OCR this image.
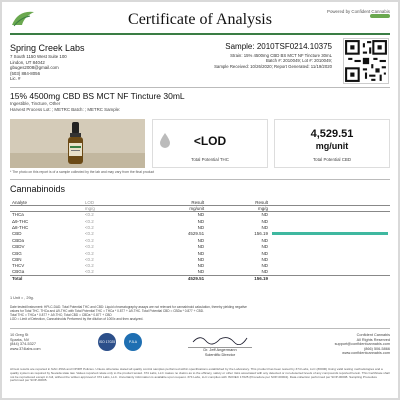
Certificate of Analysis	Powered by Confident Cannabis
Spring Creek Labs
7 South 1150 West Suite 100
Lindon, UT 84042
gbuges2008@gmail.com
(503) 884-8056
Lic. #
Sample: 2010TSF0214.10375
Strain: 15% 4500mg CBD BS MCT NF Tincture 30mL
Batch #: 2010049; Lot #: 2010049;
Sample Received: 10/26/2020; Report Generated: 11/19/2020
15% 4500mg CBD BS MCT NF Tincture 30mL
Ingestible, Tincture, Other
Harvest Process Lot: ; METRC Batch: ; METRC Sample:
* The photo on this report is of a sample collected by the lab and may vary from the final product
<LOD
Total Potential THC
4,529.51
mg/unit
Total Potential CBD
Cannabinoids
Analyte	LOD	Result	Result	
	mg/g	mg/unit	mg/g	
THCa	<0.2	ND	ND	
Δ9-THC	<0.2	ND	ND	
Δ8-THC	<0.2	ND	ND	
CBD	<0.2	4529.51	156.19	

CBDa	<0.2	ND	ND	
CBDV	<0.2	ND	ND	
CBG	<0.2	ND	ND	
CBN	<0.2	ND	ND	
THCV	<0.2	ND	ND	
CBGa	<0.2	ND	ND	
Total		4529.51	156.19	
1 Unit = , 29g.
Date tested/Instrument: HPLC-DAD. Total Potential THC and CBD: Liquid chromatography assays are not relevant for cannabinoid calculation, thereby yielding negative
values for Total THC. THCa and Δ9-THC with Total Potential THC = THCa * 0.877 + Δ9-THC. Total Potential CBD = CBDa * 0.877 + CBD.
Total THC = THCa * 0.877 + Δ9-THC; Total CBD = CBDa * 0.877 + CBD
LOD = Limit of Detection, Cannabinoids Performed by the dilution of 1000x and then analyzed.
10 Greg St
Sparks, NV
(844) 374-5327
www.374labs.com
ISO 17025	PJLA
Dr. Jeff Angermann
Scientific Director
Confident Cannabis
All Rights Reserved
support@confidentcannabis.com
(866) 506-5866
www.confidentcannabis.com
All test results are reported in NAC 453A and OPIRH Policies. Unless otherwise stated all quality control samples performed within specifications established by the Laboratory. This product has been tested by 374 Labs, LLC (#0000) Using valid testing methodologies and a quality system as required by Nevada state law. Values reported relate only to the product tested. 374 Labs, LLC makes no claims as to the efficacy, safety or other risks associated with any detected or non-detected levels of any compounds reported herein. This Certificate shall not be reproduced except in full, without the written approval of 374 Labs, LLC. Uncertainty information is available upon request. 374 Labs, LLC complies with ISO/IEC 17025 (Procedure per SOP-00004). Data collection performed per SOP-00008. Sampling Procedure performed per SOP-00005.
